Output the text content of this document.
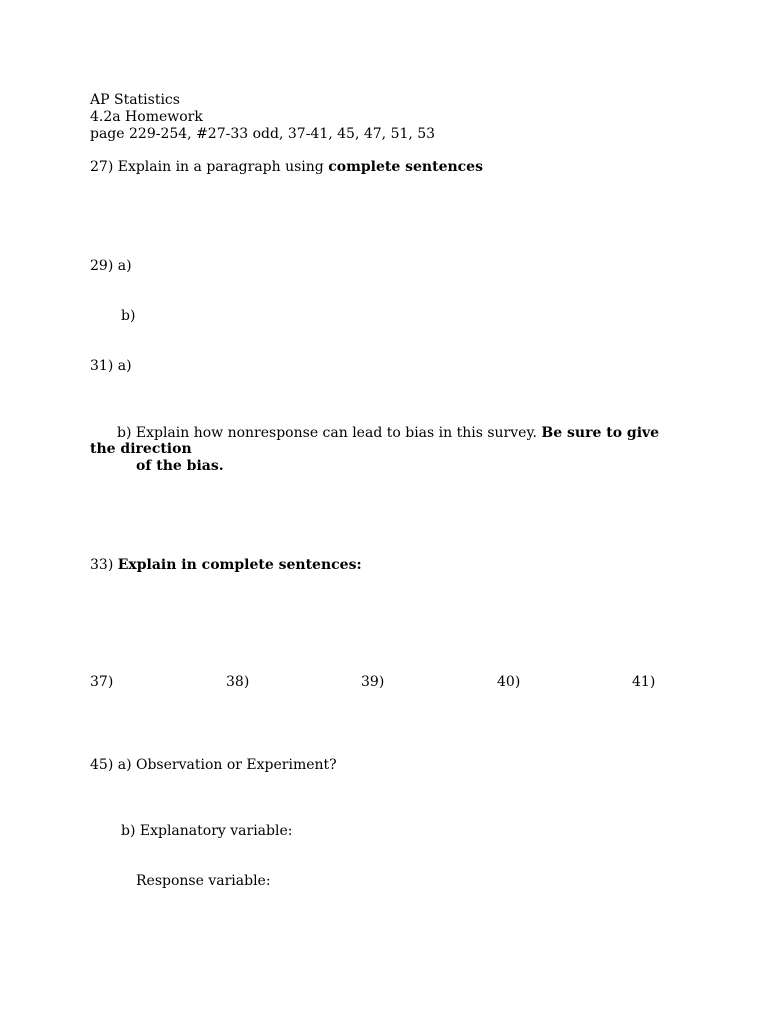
AP Statistics
4.2a Homework
page 229-254, #27-33 odd, 37-41, 45, 47, 51, 53
27) Explain in a paragraph using complete sentences
29) a)
b)
31) a)
b) Explain how nonresponse can lead to bias in this survey. Be sure to give
the direction
of the bias.
33) Explain in complete sentences:
37)	38)	39)	40)	41)
45) a) Observation or Experiment?
b) Explanatory variable:
Response variable:
